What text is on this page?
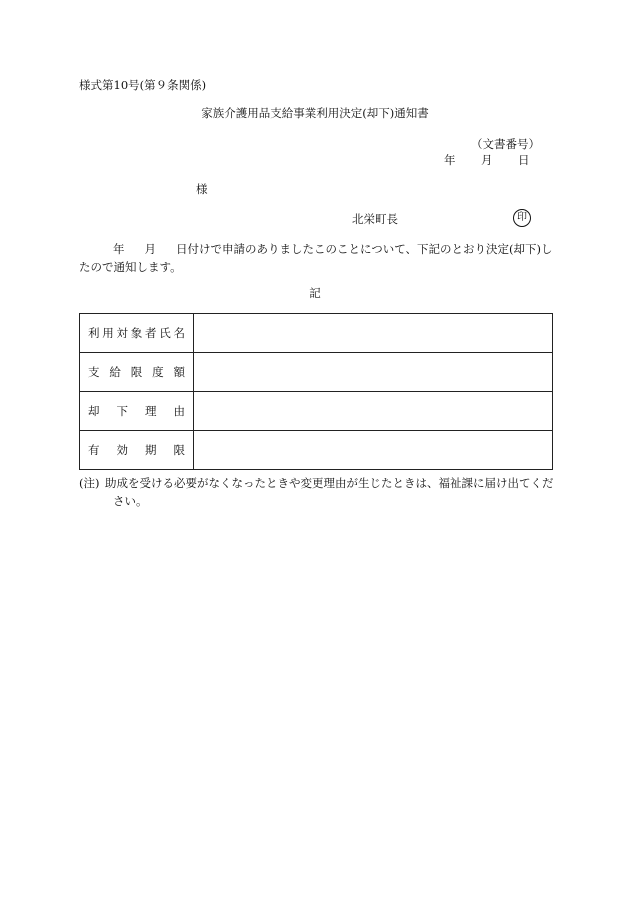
様式第10号(第９条関係)
家族介護用品支給事業利用決定(却下)通知書
（文書番号）
年 月 日
様
北栄町長	印
年 月 日付けで申請のありましたこのことについて、下記のとおり決定(却下)したので通知します。
記
利用対象者氏名	
支給限度額	
却下理由	
有効期限	
(注) 助成を受ける必要がなくなったときや変更理由が生じたときは、福祉課に届け出てください。
